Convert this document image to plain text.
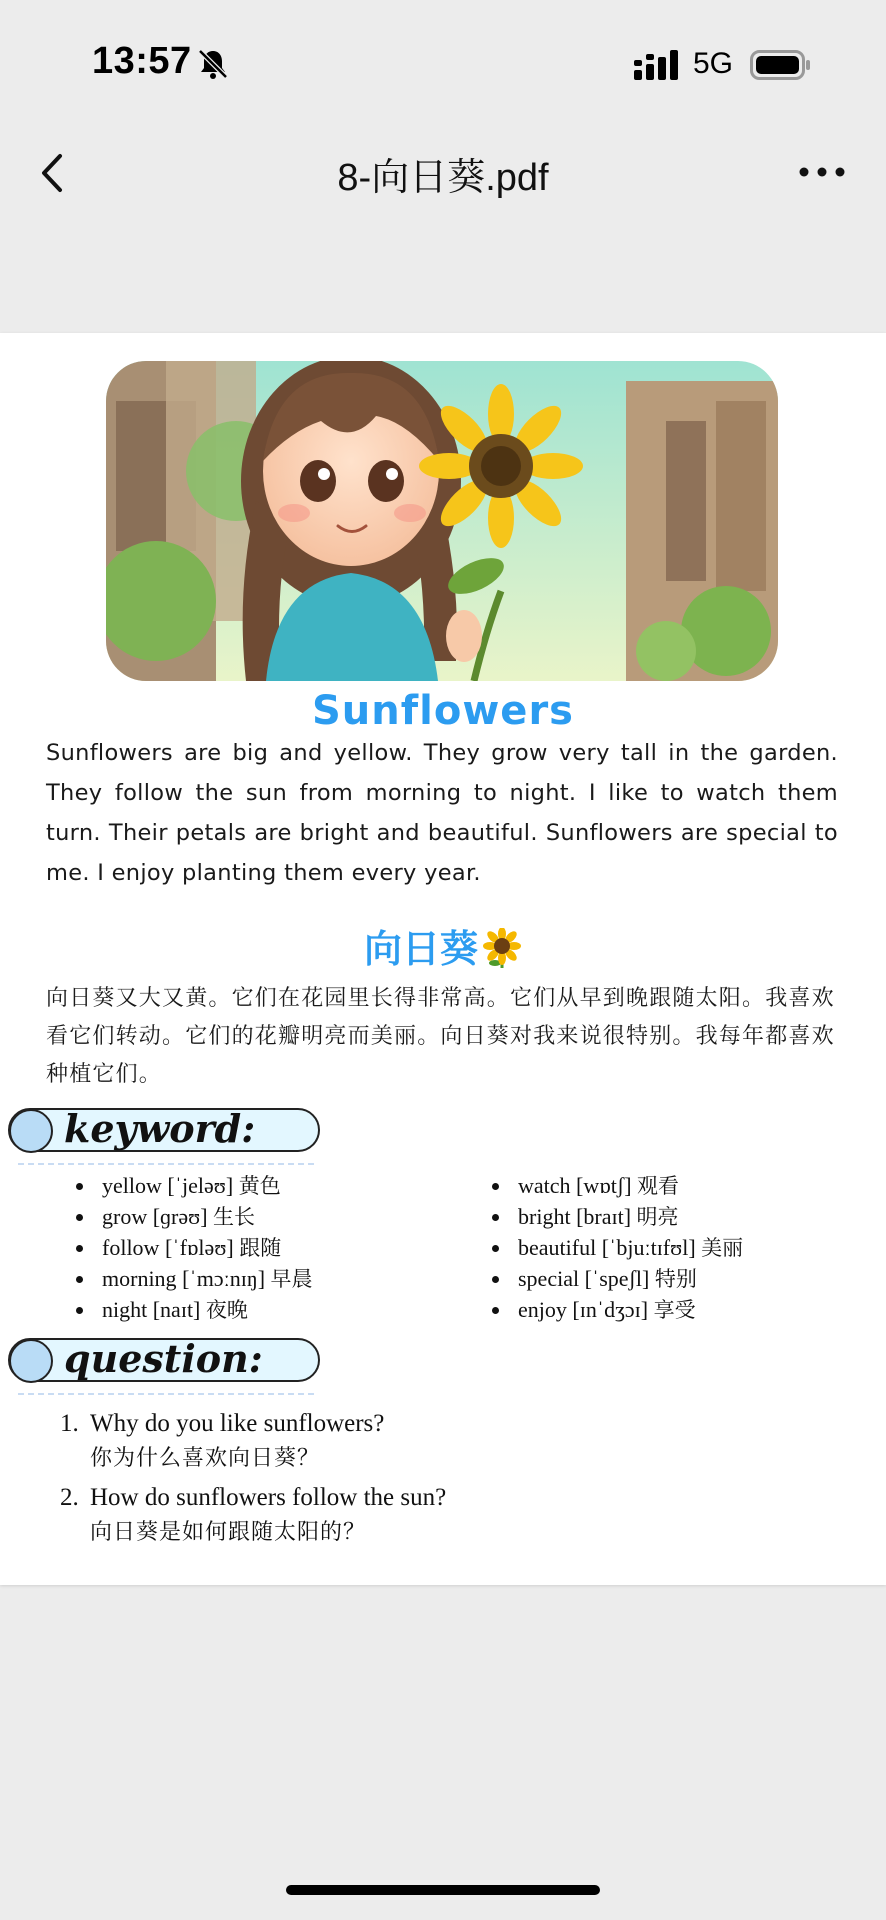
13:57	5G
8-向日葵.pdf
Sunflowers
Sunflowers are big and yellow. They grow very tall in the garden. They follow the sun from morning to night. I like to watch them turn. Their petals are bright and beautiful. Sunflowers are special to me. I enjoy planting them every year.
向日葵
向日葵又大又黄。它们在花园里长得非常高。它们从早到晚跟随太阳。我喜欢看它们转动。它们的花瓣明亮而美丽。向日葵对我来说很特别。我每年都喜欢种植它们。
keyword:
yellow [ˈjeləʊ] 黄色
grow [ɡrəʊ] 生长
follow [ˈfɒləʊ] 跟随
morning [ˈmɔːnɪŋ] 早晨
night [naɪt] 夜晚
watch [wɒtʃ] 观看
bright [braɪt] 明亮
beautiful [ˈbjuːtɪfʊl] 美丽
special [ˈspeʃl] 特别
enjoy [ɪnˈdʒɔɪ] 享受
question:
1. Why do you like sunflowers?
你为什么喜欢向日葵？
2. How do sunflowers follow the sun?
向日葵是如何跟随太阳的？
